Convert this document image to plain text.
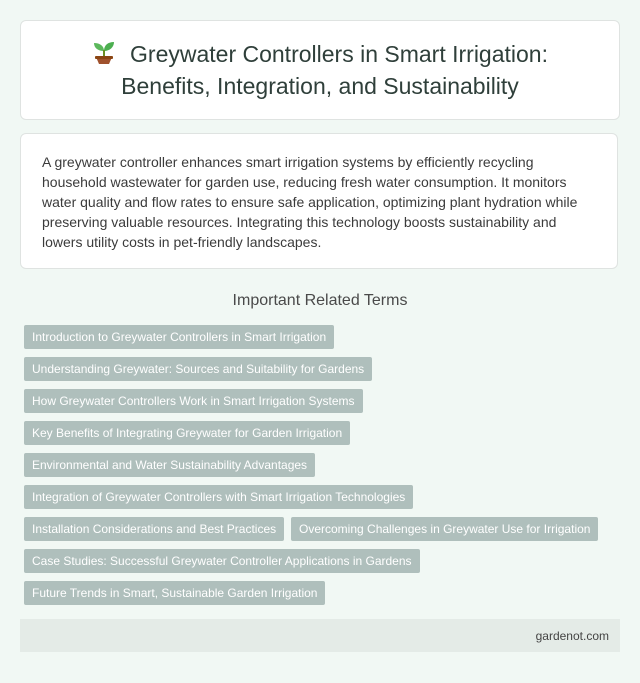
Greywater Controllers in Smart Irrigation:
Benefits, Integration, and Sustainability

A greywater controller enhances smart irrigation systems by efficiently recycling household wastewater for garden use, reducing fresh water consumption. It monitors water quality and flow rates to ensure safe application, optimizing plant hydration while preserving valuable resources. Integrating this technology boosts sustainability and lowers utility costs in pet-friendly landscapes.

Important Related Terms
Introduction to Greywater Controllers in Smart Irrigation
Understanding Greywater: Sources and Suitability for Gardens
How Greywater Controllers Work in Smart Irrigation Systems
Key Benefits of Integrating Greywater for Garden Irrigation
Environmental and Water Sustainability Advantages
Integration of Greywater Controllers with Smart Irrigation Technologies
Installation Considerations and Best Practices	Overcoming Challenges in Greywater Use for Irrigation
Case Studies: Successful Greywater Controller Applications in Gardens
Future Trends in Smart, Sustainable Garden Irrigation
gardenot.com
